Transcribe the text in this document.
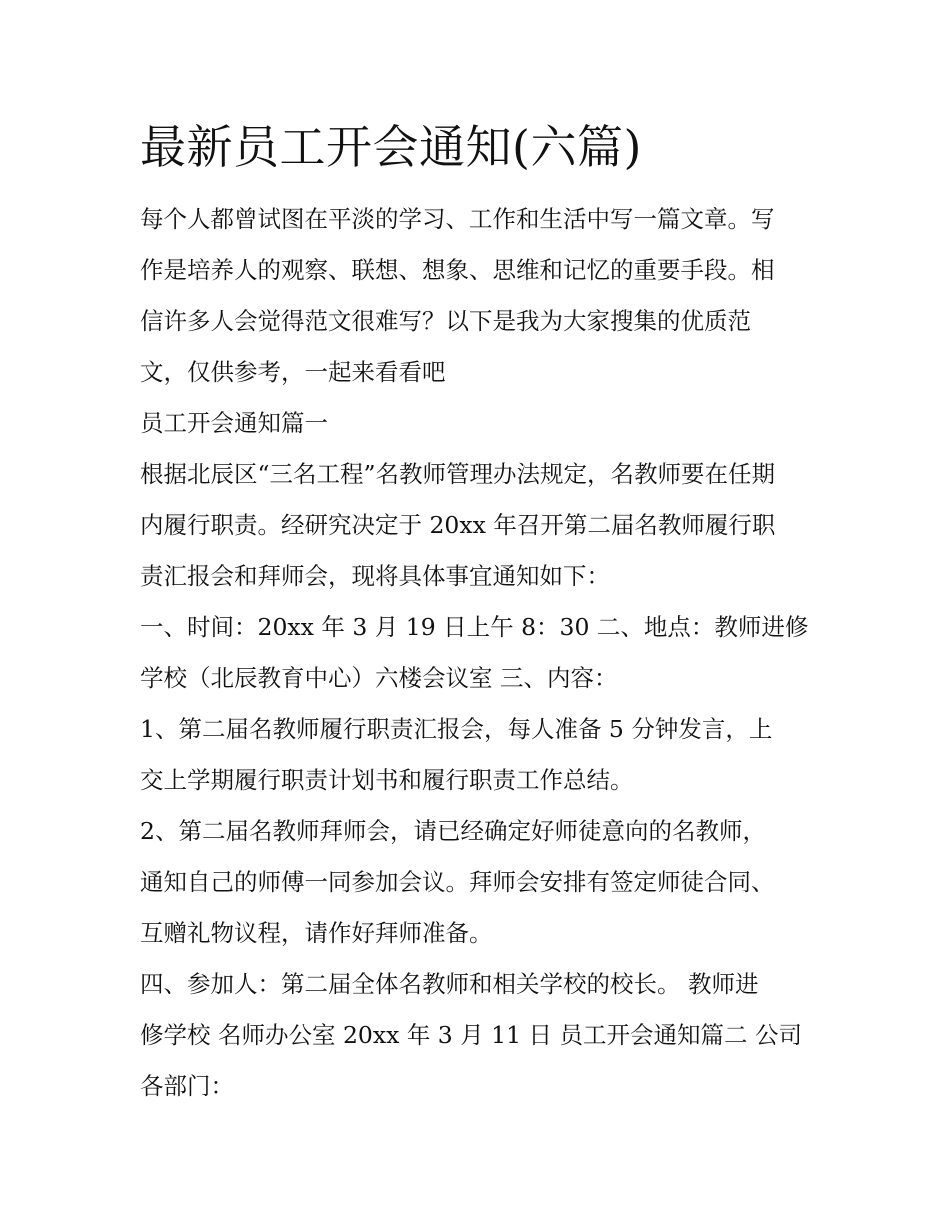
最新员工开会通知(六篇)
每个人都曾试图在平淡的学习、工作和生活中写一篇文章。写
作是培养人的观察、联想、想象、思维和记忆的重要手段。相
信许多人会觉得范文很难写？以下是我为大家搜集的优质范
文，仅供参考，一起来看看吧
员工开会通知篇一
根据北辰区“三名工程”名教师管理办法规定，名教师要在任期
内履行职责。经研究决定于 20xx 年召开第二届名教师履行职
责汇报会和拜师会，现将具体事宜通知如下：
一、时间：20xx 年 3 月 19 日上午 8：30 二、地点：教师进修
学校（北辰教育中心）六楼会议室 三、内容：
1、第二届名教师履行职责汇报会，每人准备 5 分钟发言，上
交上学期履行职责计划书和履行职责工作总结。
2、第二届名教师拜师会，请已经确定好师徒意向的名教师，
通知自己的师傅一同参加会议。拜师会安排有签定师徒合同、
互赠礼物议程，请作好拜师准备。
四、参加人：第二届全体名教师和相关学校的校长。 教师进
修学校 名师办公室 20xx 年 3 月 11 日 员工开会通知篇二 公司
各部门：
